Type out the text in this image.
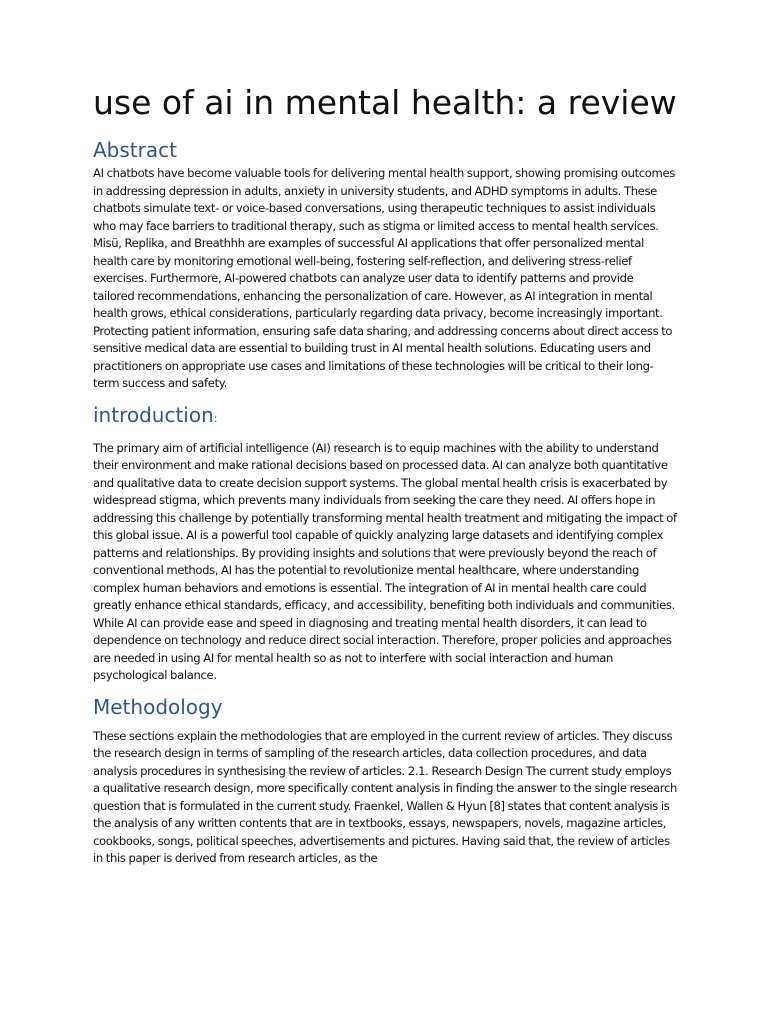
use of ai in mental health: a review
Abstract

AI chatbots have become valuable tools for delivering mental health support, showing promising outcomes in addressing depression in adults, anxiety in university students, and ADHD symptoms in adults. These chatbots simulate text- or voice-based conversations, using therapeutic techniques to assist individuals who may face barriers to traditional therapy, such as stigma or limited access to mental health services. Misü, Replika, and Breathhh are examples of successful AI applications that offer personalized mental health care by monitoring emotional well-being, fostering self-reflection, and delivering stress-relief exercises. Furthermore, AI-powered chatbots can analyze user data to identify patterns and provide tailored recommendations, enhancing the personalization of care. However, as AI integration in mental health grows, ethical considerations, particularly regarding data privacy, become increasingly important. Protecting patient information, ensuring safe data sharing, and addressing concerns about direct access to sensitive medical data are essential to building trust in AI mental health solutions. Educating users and practitioners on appropriate use cases and limitations of these technologies will be critical to their long-term success and safety.

introduction:

The primary aim of artificial intelligence (AI) research is to equip machines with the ability to understand their environment and make rational decisions based on processed data. AI can analyze both quantitative and qualitative data to create decision support systems. The global mental health crisis is exacerbated by widespread stigma, which prevents many individuals from seeking the care they need. AI offers hope in addressing this challenge by potentially transforming mental health treatment and mitigating the impact of this global issue. AI is a powerful tool capable of quickly analyzing large datasets and identifying complex patterns and relationships. By providing insights and solutions that were previously beyond the reach of conventional methods, AI has the potential to revolutionize mental healthcare, where understanding complex human behaviors and emotions is essential. The integration of AI in mental health care could greatly enhance ethical standards, efficacy, and accessibility, benefiting both individuals and communities. While AI can provide ease and speed in diagnosing and treating mental health disorders, it can lead to dependence on technology and reduce direct social interaction. Therefore, proper policies and approaches are needed in using AI for mental health so as not to interfere with social interaction and human psychological balance.

Methodology

These sections explain the methodologies that are employed in the current review of articles. They discuss the research design in terms of sampling of the research articles, data collection procedures, and data analysis procedures in synthesising the review of articles. 2.1. Research Design The current study employs a qualitative research design, more specifically content analysis in finding the answer to the single research question that is formulated in the current study. Fraenkel, Wallen & Hyun [8] states that content analysis is the analysis of any written contents that are in textbooks, essays, newspapers, novels, magazine articles, cookbooks, songs, political speeches, advertisements and pictures. Having said that, the review of articles in this paper is derived from research articles, as the
